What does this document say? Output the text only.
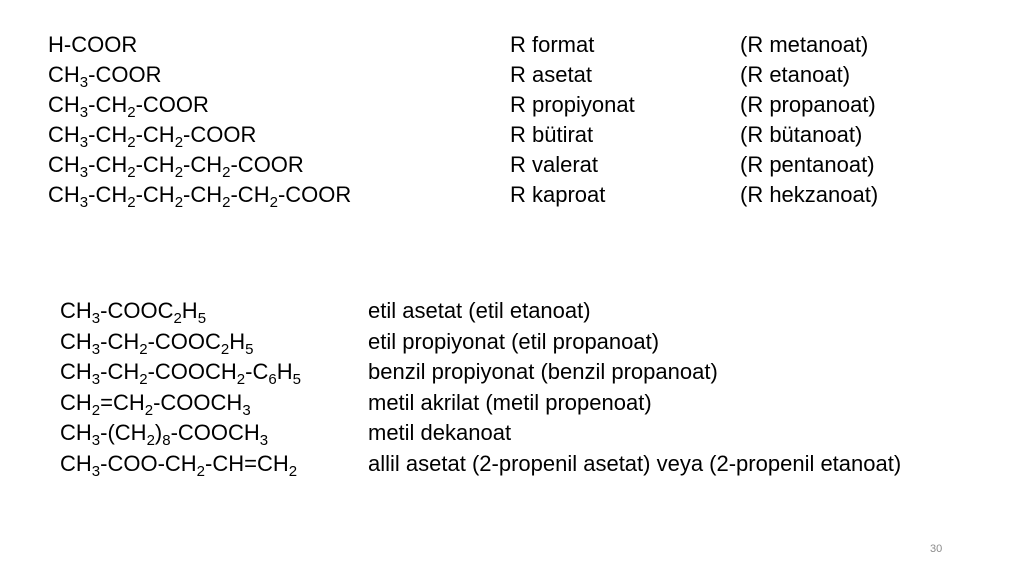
H-COOR	R format	(R metanoat)
$CH_3$-COOR	R asetat	(R etanoat)
$CH_3-CH_2$-COOR	R propiyonat	(R propanoat)
$CH_3-CH_2-CH_2$-COOR	R bütirat	(R bütanoat)
$CH_3-CH_2-CH_2-CH_2$-COOR	R valerat	(R pentanoat)
$CH_3-CH_2-CH_2-CH_2-CH_2$-COOR	R kaproat	(R hekzanoat)
$CH_3-COOC_2H_5$	etil asetat (etil etanoat)
$CH_3-CH_2-COOC_2H_5$	etil propiyonat (etil propanoat)
$CH_3-CH_2-COOCH_2-C_6H_5$	benzil propiyonat (benzil propanoat)
$CH_2=CH_2-COOCH_3$	metil akrilat (metil propenoat)
$CH_3-(CH_2)_8-COOCH_3$	metil dekanoat
$CH_3-COO-CH_2-CH=CH_2$	allil asetat (2-propenil asetat) veya (2-propenil etanoat)
30
